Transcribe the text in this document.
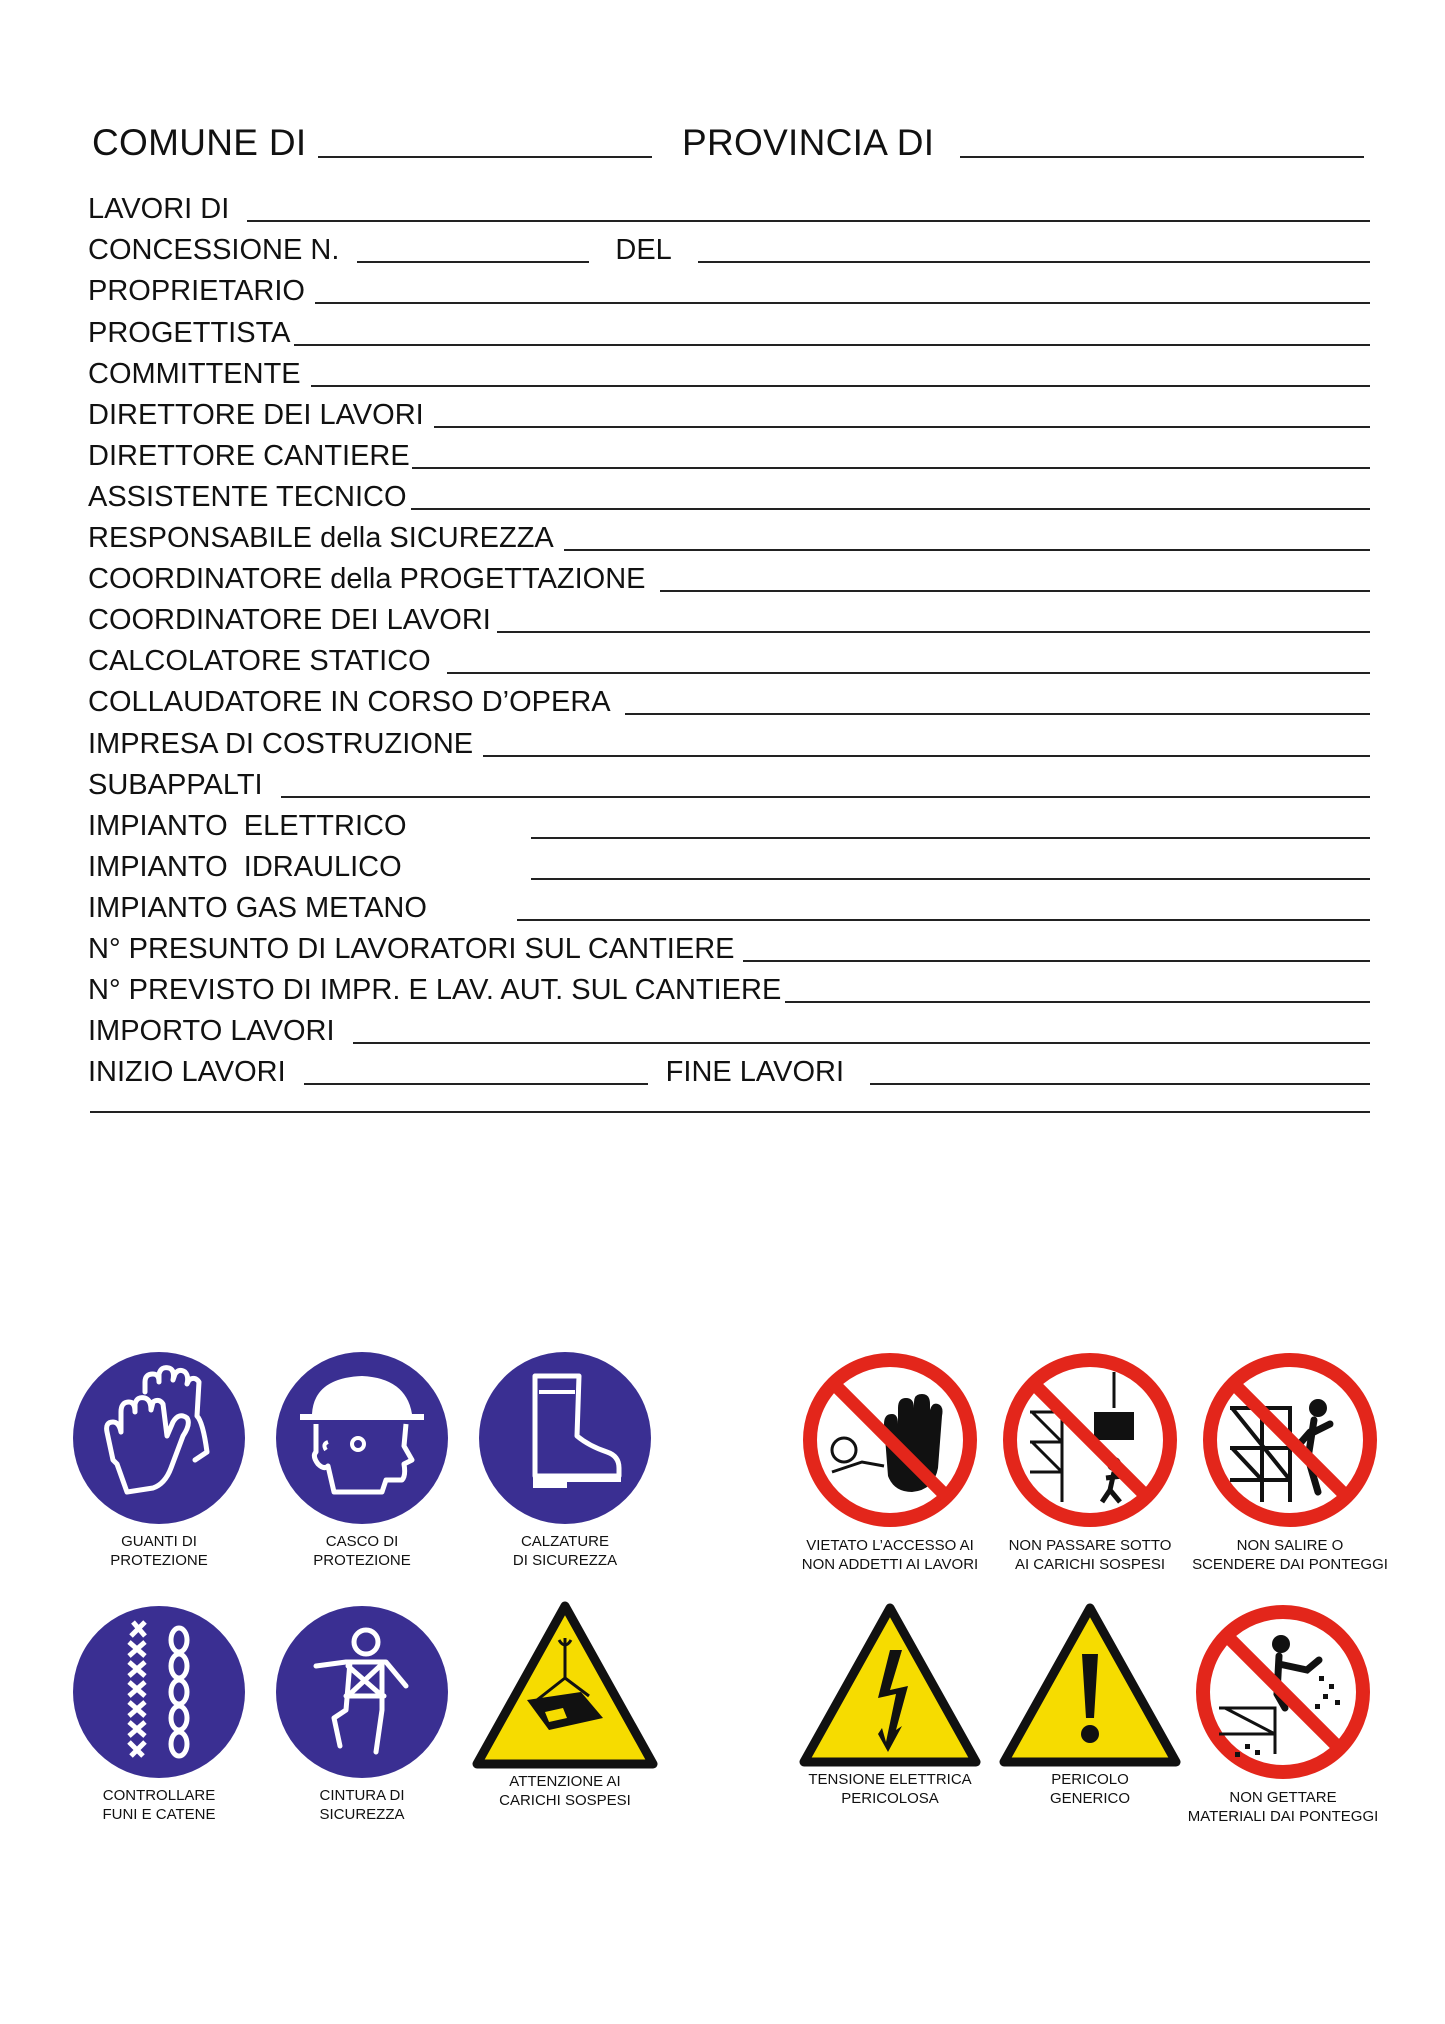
COMUNE DI	PROVINCIA DI
LAVORI DI
CONCESSIONE N.	DEL
PROPRIETARIO
PROGETTISTA
COMMITTENTE
DIRETTORE DEI LAVORI
DIRETTORE CANTIERE
ASSISTENTE TECNICO
RESPONSABILE della SICUREZZA
COORDINATORE della PROGETTAZIONE
COORDINATORE DEI LAVORI
CALCOLATORE STATICO
COLLAUDATORE IN CORSO D’OPERA
IMPRESA DI COSTRUZIONE
SUBAPPALTI
IMPIANTO  ELETTRICO
IMPIANTO  IDRAULICO
IMPIANTO GAS METANO
N° PRESUNTO DI LAVORATORI SUL CANTIERE
N° PREVISTO DI IMPR. E LAV. AUT. SUL CANTIERE
IMPORTO LAVORI
INIZIO LAVORI	FINE LAVORI
GUANTI DI
PROTEZIONE
CASCO DI
PROTEZIONE
CALZATURE
DI SICUREZZA
VIETATO L’ACCESSO AI
NON ADDETTI AI LAVORI
NON PASSARE SOTTO
AI CARICHI SOSPESI
NON SALIRE O
SCENDERE DAI PONTEGGI
CONTROLLARE
FUNI E CATENE
CINTURA DI
SICUREZZA
ATTENZIONE AI
CARICHI SOSPESI
TENSIONE ELETTRICA
PERICOLOSA
PERICOLO
GENERICO	NON GETTARE
MATERIALI DAI PONTEGGI
